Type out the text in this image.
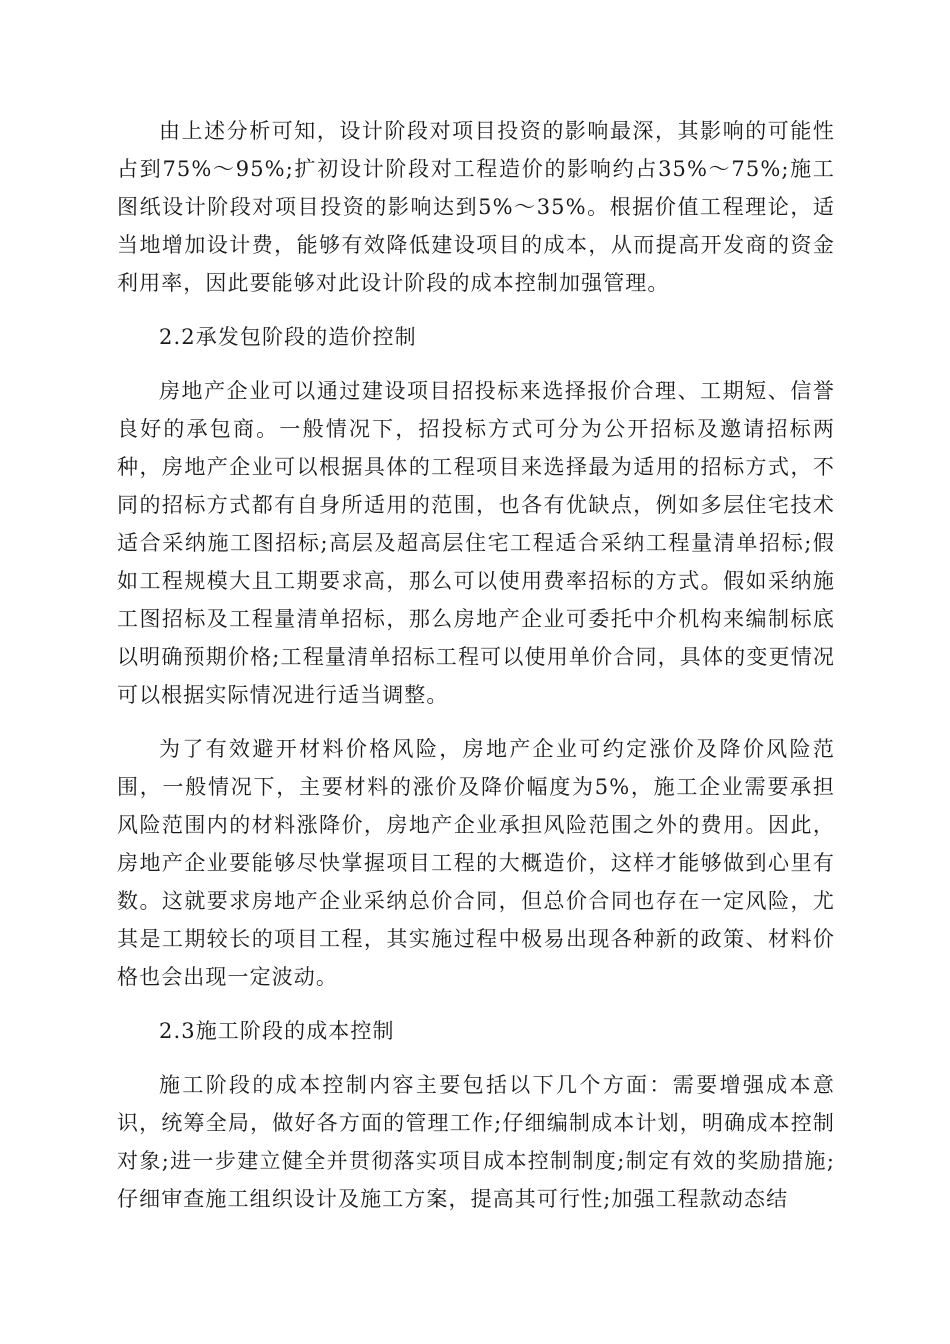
由上述分析可知，设计阶段对项目投资的影响最深，其影响的可能性占到75%～95%;扩初设计阶段对工程造价的影响约占35%～75%;施工图纸设计阶段对项目投资的影响达到5%～35%。根据价值工程理论，适当地增加设计费，能够有效降低建设项目的成本，从而提高开发商的资金利用率，因此要能够对此设计阶段的成本控制加强管理。

2.2承发包阶段的造价控制

房地产企业可以通过建设项目招投标来选择报价合理、工期短、信誉良好的承包商。一般情况下，招投标方式可分为公开招标及邀请招标两种，房地产企业可以根据具体的工程项目来选择最为适用的招标方式，不同的招标方式都有自身所适用的范围，也各有优缺点，例如多层住宅技术适合采纳施工图招标;高层及超高层住宅工程适合采纳工程量清单招标;假如工程规模大且工期要求高，那么可以使用费率招标的方式。假如采纳施工图招标及工程量清单招标，那么房地产企业可委托中介机构来编制标底以明确预期价格;工程量清单招标工程可以使用单价合同，具体的变更情况可以根据实际情况进行适当调整。

为了有效避开材料价格风险，房地产企业可约定涨价及降价风险范围，一般情况下，主要材料的涨价及降价幅度为5%，施工企业需要承担风险范围内的材料涨降价，房地产企业承担风险范围之外的费用。因此，房地产企业要能够尽快掌握项目工程的大概造价，这样才能够做到心里有数。这就要求房地产企业采纳总价合同，但总价合同也存在一定风险，尤其是工期较长的项目工程，其实施过程中极易出现各种新的政策、材料价格也会出现一定波动。

2.3施工阶段的成本控制

施工阶段的成本控制内容主要包括以下几个方面：需要增强成本意识，统筹全局，做好各方面的管理工作;仔细编制成本计划，明确成本控制对象;进一步建立健全并贯彻落实项目成本控制制度;制定有效的奖励措施;仔细审查施工组织设计及施工方案，提高其可行性;加强工程款动态结
